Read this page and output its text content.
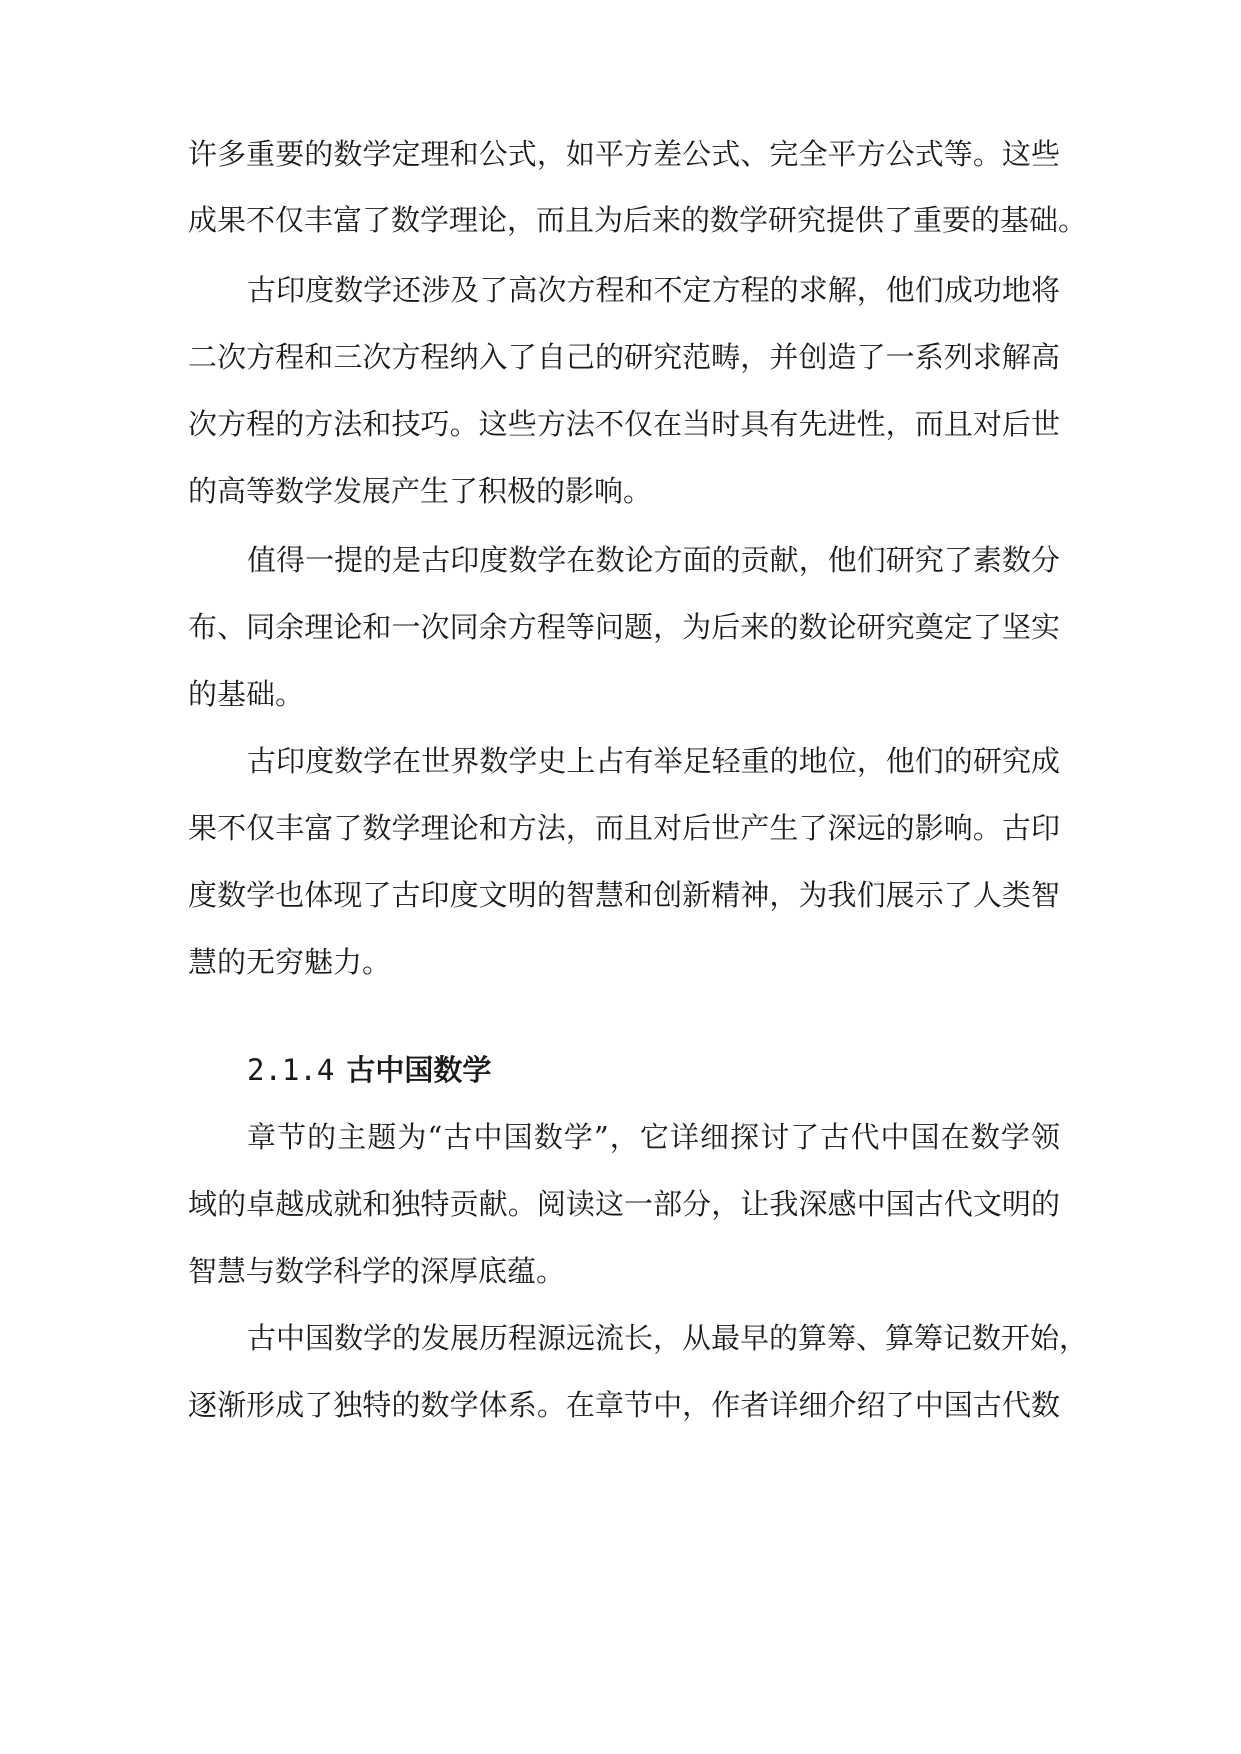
许多重要的数学定理和公式，如平方差公式、完全平方公式等。这些
成果不仅丰富了数学理论，而且为后来的数学研究提供了重要的基础。
古印度数学还涉及了高次方程和不定方程的求解，他们成功地将
二次方程和三次方程纳入了自己的研究范畴，并创造了一系列求解高
次方程的方法和技巧。这些方法不仅在当时具有先进性，而且对后世
的高等数学发展产生了积极的影响。
值得一提的是古印度数学在数论方面的贡献，他们研究了素数分
布、同余理论和一次同余方程等问题，为后来的数论研究奠定了坚实
的基础。
古印度数学在世界数学史上占有举足轻重的地位，他们的研究成
果不仅丰富了数学理论和方法，而且对后世产生了深远的影响。古印
度数学也体现了古印度文明的智慧和创新精神，为我们展示了人类智
慧的无穷魅力。
2.1.4 古中国数学
章节的主题为“古中国数学”，它详细探讨了古代中国在数学领
域的卓越成就和独特贡献。阅读这一部分，让我深感中国古代文明的
智慧与数学科学的深厚底蕴。
古中国数学的发展历程源远流长，从最早的算筹、算筹记数开始，
逐渐形成了独特的数学体系。在章节中，作者详细介绍了中国古代数
